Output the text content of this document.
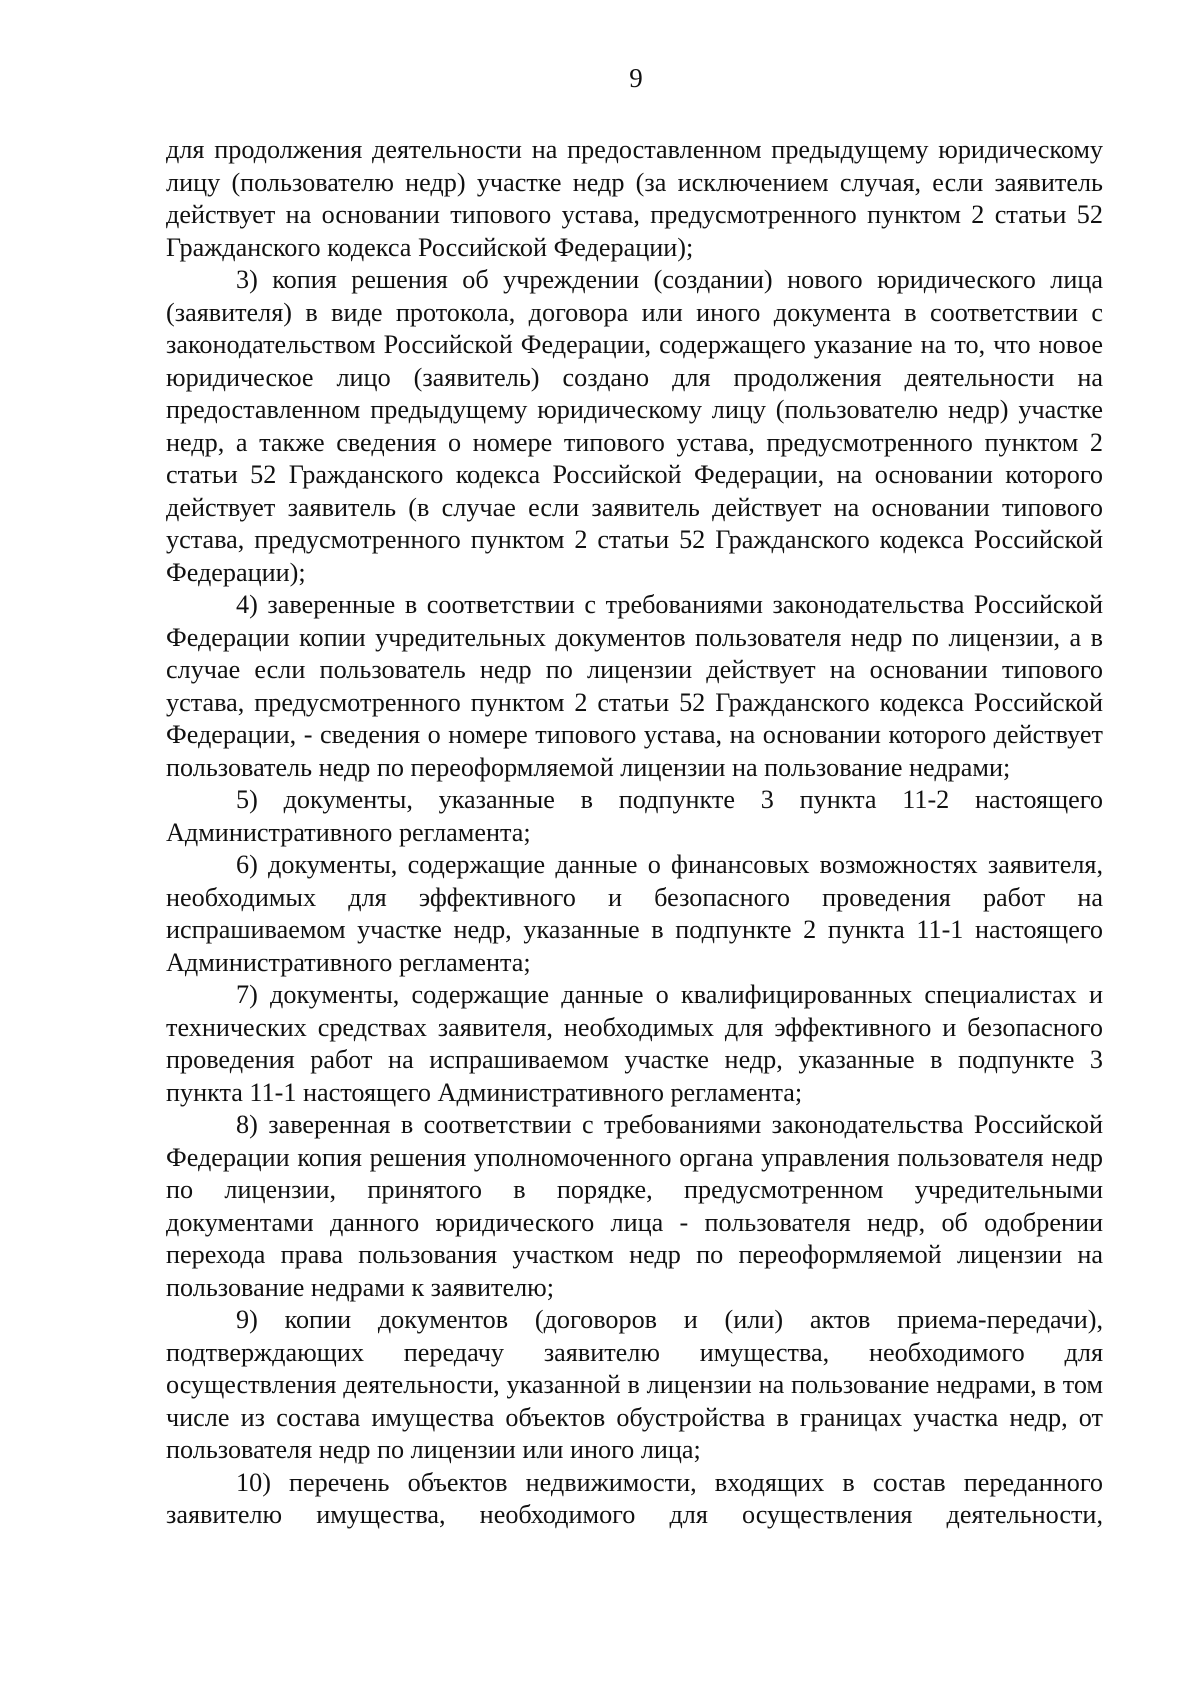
9

для продолжения деятельности на предоставленном предыдущему юридическому лицу (пользователю недр) участке недр (за исключением случая, если заявитель действует на основании типового устава, предусмотренного пунктом 2 статьи 52 Гражданского кодекса Российской Федерации);

3) копия решения об учреждении (создании) нового юридического лица (заявителя) в виде протокола, договора или иного документа в соответствии с законодательством Российской Федерации, содержащего указание на то, что новое юридическое лицо (заявитель) создано для продолжения деятельности на предоставленном предыдущему юридическому лицу (пользователю недр) участке недр, а также сведения о номере типового устава, предусмотренного пунктом 2 статьи 52 Гражданского кодекса Российской Федерации, на основании которого действует заявитель (в случае если заявитель действует на основании типового устава, предусмотренного пунктом 2 статьи 52 Гражданского кодекса Российской Федерации);

4) заверенные в соответствии с требованиями законодательства Российской Федерации копии учредительных документов пользователя недр по лицензии, а в случае если пользователь недр по лицензии действует на основании типового устава, предусмотренного пунктом 2 статьи 52 Гражданского кодекса Российской Федерации, - сведения о номере типового устава, на основании которого действует пользователь недр по переоформляемой лицензии на пользование недрами;

5) документы, указанные в подпункте 3 пункта 11-2 настоящего Административного регламента;

6) документы, содержащие данные о финансовых возможностях заявителя, необходимых для эффективного и безопасного проведения работ на испрашиваемом участке недр, указанные в подпункте 2 пункта 11-1 настоящего Административного регламента;

7) документы, содержащие данные о квалифицированных специалистах и технических средствах заявителя, необходимых для эффективного и безопасного проведения работ на испрашиваемом участке недр, указанные в подпункте 3 пункта 11-1 настоящего Административного регламента;

8) заверенная в соответствии с требованиями законодательства Российской Федерации копия решения уполномоченного органа управления пользователя недр по лицензии, принятого в порядке, предусмотренном учредительными документами данного юридического лица - пользователя недр, об одобрении перехода права пользования участком недр по переоформляемой лицензии на пользование недрами к заявителю;

9) копии документов (договоров и (или) актов приема-передачи), подтверждающих передачу заявителю имущества, необходимого для осуществления деятельности, указанной в лицензии на пользование недрами, в том числе из состава имущества объектов обустройства в границах участка недр, от пользователя недр по лицензии или иного лица;

10) перечень объектов недвижимости, входящих в состав переданного заявителю имущества, необходимого для осуществления деятельности,
